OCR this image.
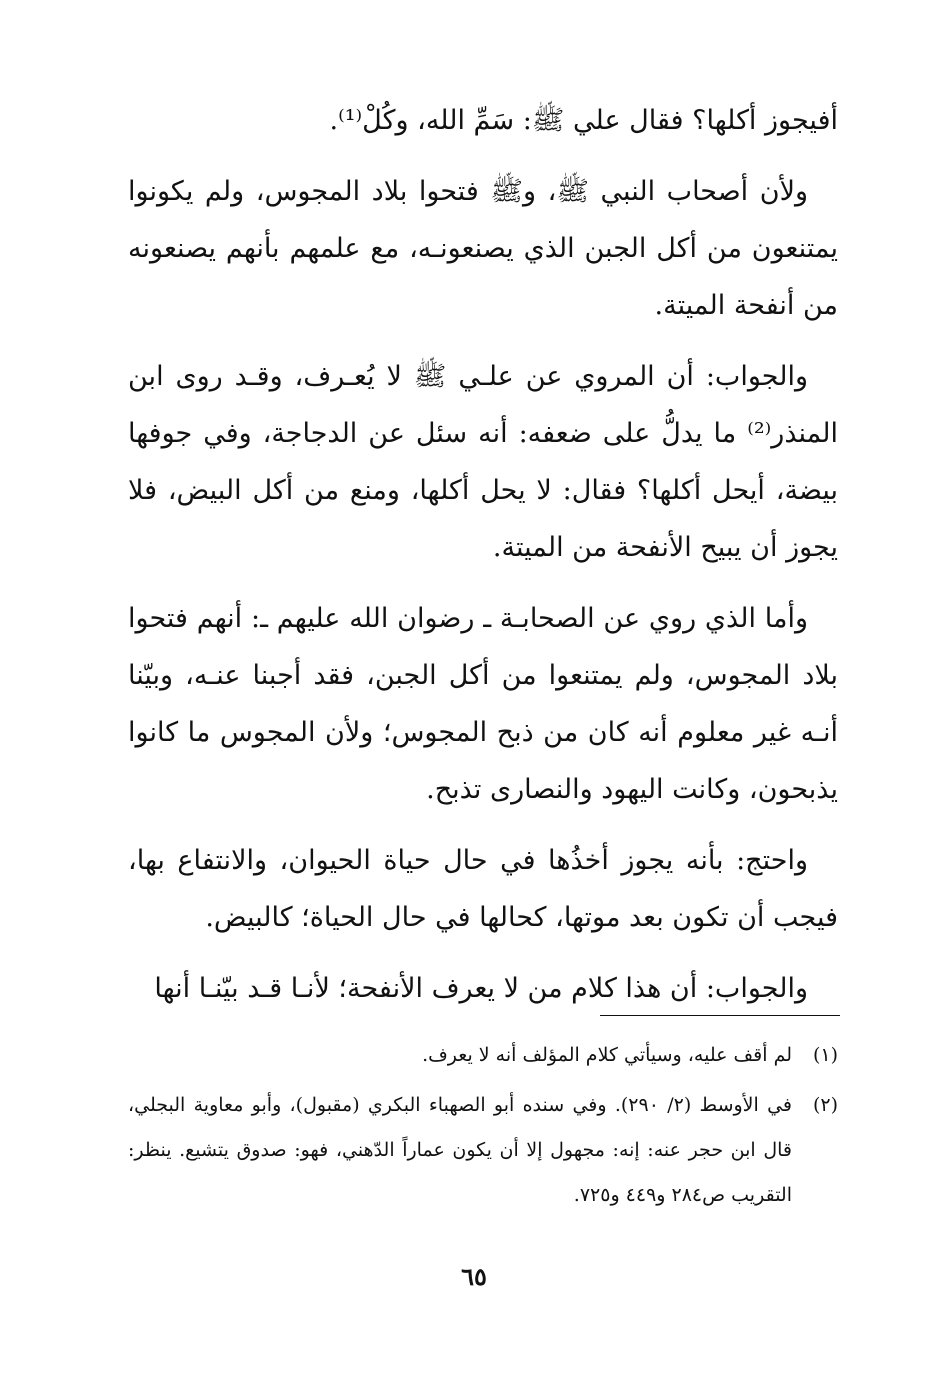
أفيجوز أكلها؟ فقال علي ﷺ: سَمِّ الله، وكُلْ⁽¹⁾.

ولأن أصحاب النبي ﷺ، وﷺ فتحوا بلاد المجوس، ولم يكونوا يمتنعون من أكل الجبن الذي يصنعونـه، مع علمهم بأنهم يصنعونه من أنفحة الميتة.

والجواب: أن المروي عن علـي ﷺ لا يُعـرف، وقـد روى ابن المنذر⁽²⁾ ما يدلُّ على ضعفه: أنه سئل عن الدجاجة، وفي جوفها بيضة، أيحل أكلها؟ فقال: لا يحل أكلها، ومنع من أكل البيض، فلا يجوز أن يبيح الأنفحة من الميتة.

وأما الذي روي عن الصحابـة ـ رضوان الله عليهم ـ: أنهم فتحوا بلاد المجوس، ولم يمتنعوا من أكل الجبن، فقد أجبنا عنـه، وبيّنا أنـه غير معلوم أنه كان من ذبح المجوس؛ ولأن المجوس ما كانوا يذبحون، وكانت اليهود والنصارى تذبح.

واحتج: بأنه يجوز أخذُها في حال حياة الحيوان، والانتفاع بها، فيجب أن تكون بعد موتها، كحالها في حال الحياة؛ كالبيض.

والجواب: أن هذا كلام من لا يعرف الأنفحة؛ لأنـا قـد بيّنـا أنها

(١)
لم أقف عليه، وسيأتي كلام المؤلف أنه لا يعرف.
(٢)
في الأوسط (٢/ ٢٩٠). وفي سنده أبو الصهباء البكري (مقبول)، وأبو معاوية البجلي، قال ابن حجر عنه: إنه: مجهول إلا أن يكون عماراً الدّهني، فهو: صدوق يتشيع. ينظر: التقريب ص٢٨٤ و٤٤٩ و٧٢٥.
٦٥
